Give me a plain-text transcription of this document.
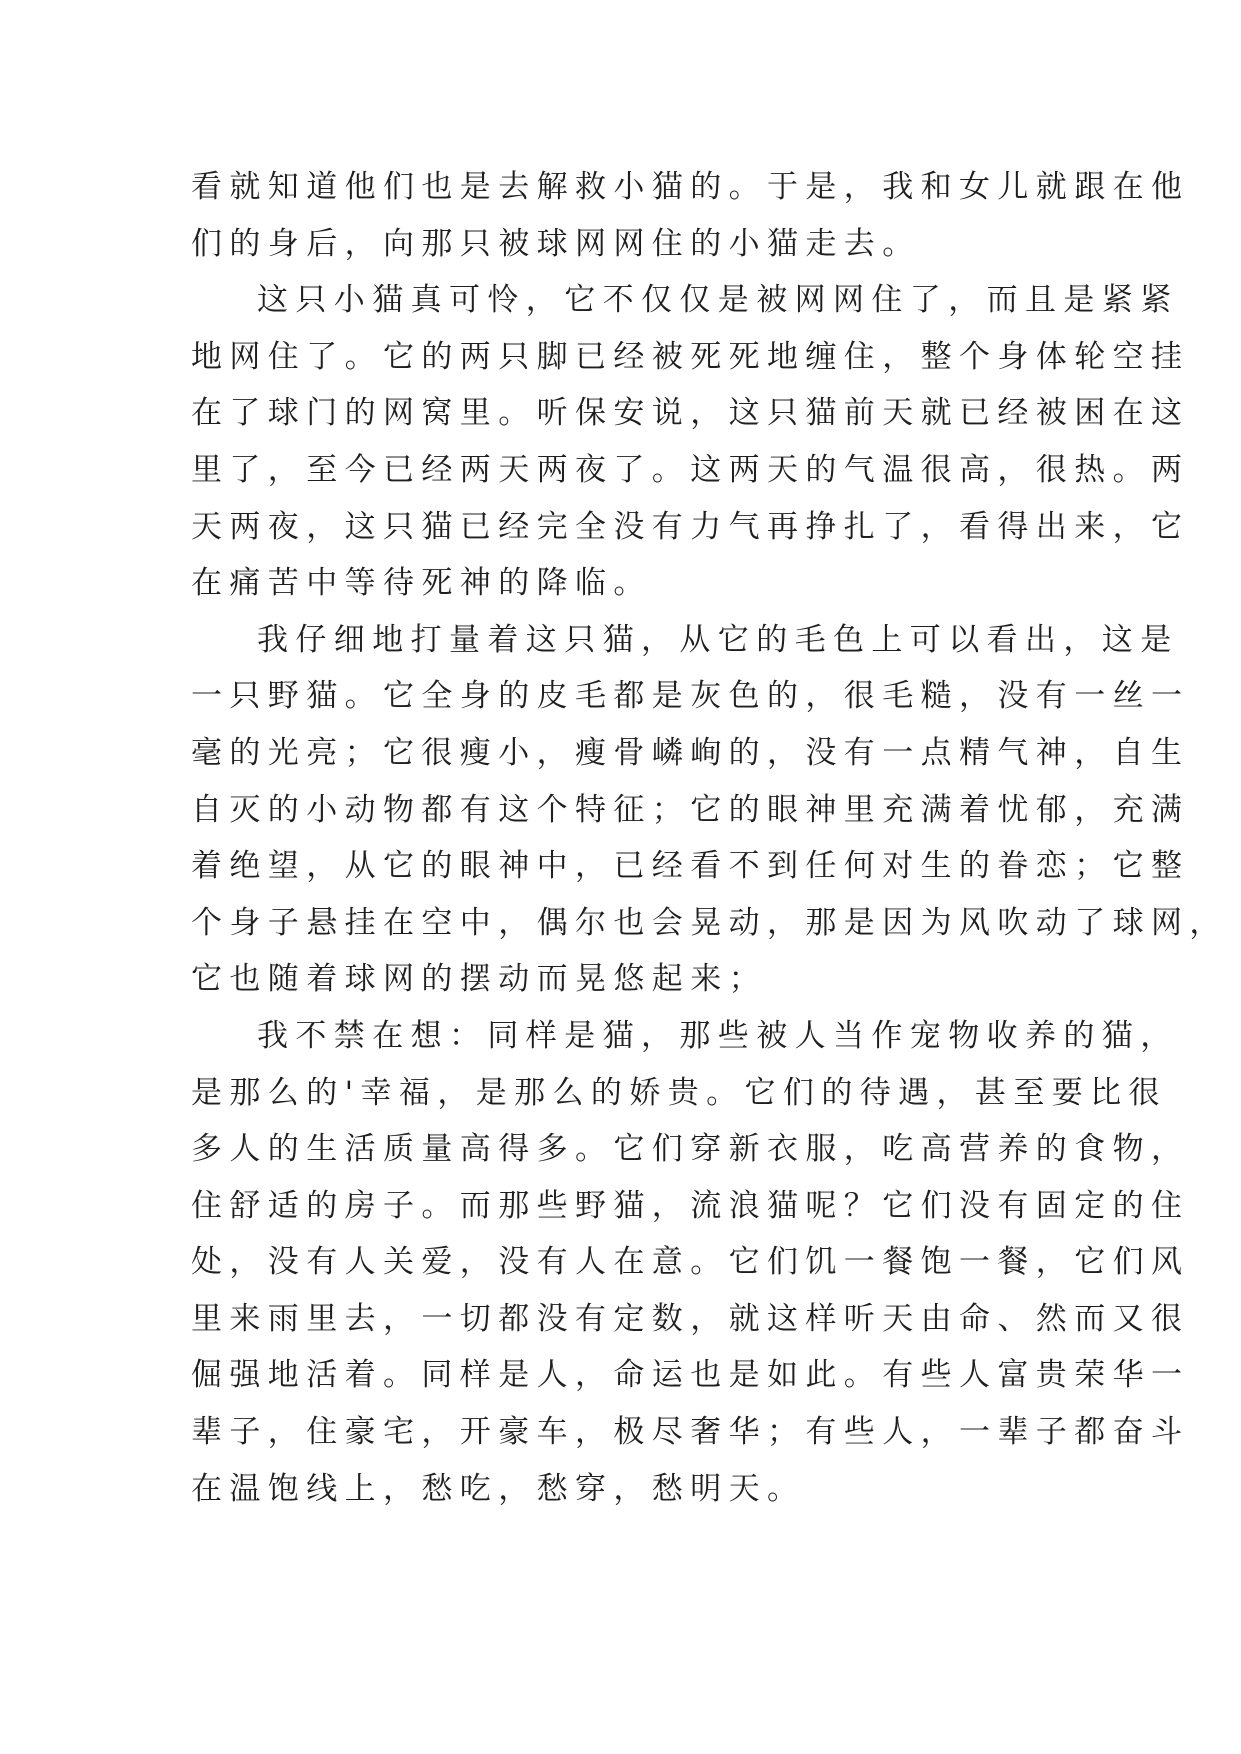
看就知道他们也是去解救小猫的。于是，我和女儿就跟在他
们的身后，向那只被球网网住的小猫走去。
这只小猫真可怜，它不仅仅是被网网住了，而且是紧紧
地网住了。它的两只脚已经被死死地缠住，整个身体轮空挂
在了球门的网窝里。听保安说，这只猫前天就已经被困在这
里了，至今已经两天两夜了。这两天的气温很高，很热。两
天两夜，这只猫已经完全没有力气再挣扎了，看得出来，它
在痛苦中等待死神的降临。
我仔细地打量着这只猫，从它的毛色上可以看出，这是
一只野猫。它全身的皮毛都是灰色的，很毛糙，没有一丝一
毫的光亮；它很瘦小，瘦骨嶙峋的，没有一点精气神，自生
自灭的小动物都有这个特征；它的眼神里充满着忧郁，充满
着绝望，从它的眼神中，已经看不到任何对生的眷恋；它整
个身子悬挂在空中，偶尔也会晃动，那是因为风吹动了球网，
它也随着球网的摆动而晃悠起来；
我不禁在想：同样是猫，那些被人当作宠物收养的猫，
是那么的'幸福，是那么的娇贵。它们的待遇，甚至要比很
多人的生活质量高得多。它们穿新衣服，吃高营养的食物，
住舒适的房子。而那些野猫，流浪猫呢？它们没有固定的住
处，没有人关爱，没有人在意。它们饥一餐饱一餐，它们风
里来雨里去，一切都没有定数，就这样听天由命、然而又很
倔强地活着。同样是人，命运也是如此。有些人富贵荣华一
辈子，住豪宅，开豪车，极尽奢华；有些人，一辈子都奋斗
在温饱线上，愁吃，愁穿，愁明天。
